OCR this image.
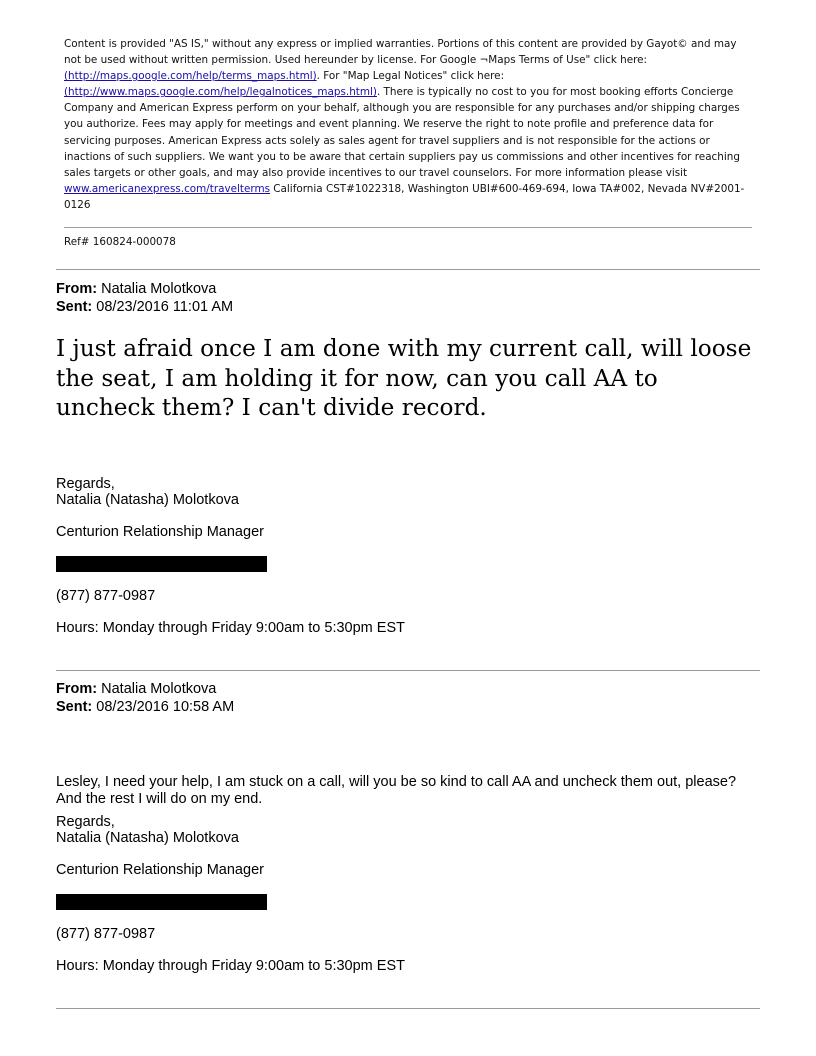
Content is provided "AS IS," without any express or implied warranties. Portions of this content are provided by Gayot© and may not be used without written permission. Used hereunder by license. For Google ¬Maps Terms of Use" click here: (http://maps.google.com/help/terms_maps.html). For "Map Legal Notices" click here: (http://www.maps.google.com/help/legalnotices_maps.html). There is typically no cost to you for most booking efforts Concierge Company and American Express perform on your behalf, although you are responsible for any purchases and/or shipping charges you authorize. Fees may apply for meetings and event planning. We reserve the right to note profile and preference data for servicing purposes. American Express acts solely as sales agent for travel suppliers and is not responsible for the actions or inactions of such suppliers. We want you to be aware that certain suppliers pay us commissions and other incentives for reaching sales targets or other goals, and may also provide incentives to our travel counselors. For more information please visit www.americanexpress.com/travelterms California CST#1022318, Washington UBI#600-469-694, Iowa TA#002, Nevada NV#2001-0126
Ref# 160824-000078
From: Natalia Molotkova
Sent: 08/23/2016 11:01 AM
I just afraid once I am done with my current call, will loose the seat, I am holding it for now, can you call AA to uncheck them? I can't divide record.
Regards,
Natalia (Natasha) Molotkova
Centurion Relationship Manager
(877) 877-0987
Hours: Monday through Friday 9:00am to 5:30pm EST
From: Natalia Molotkova
Sent: 08/23/2016 10:58 AM
Lesley, I need your help, I am stuck on a call, will you be so kind to call AA and uncheck them out, please? And the rest I will do on my end.
Regards,
Natalia (Natasha) Molotkova
Centurion Relationship Manager
(877) 877-0987
Hours: Monday through Friday 9:00am to 5:30pm EST
